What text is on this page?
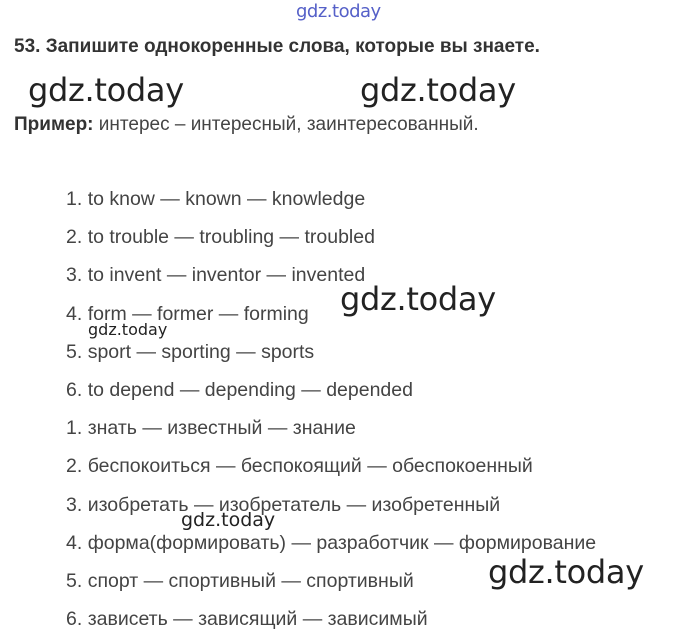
gdz.today
53. Запишите однокоренные слова, которые вы знаете.
gdz.today	gdz.today
Пример: интерес – интересный, заинтересованный.
1. to know — known — knowledge
2. to trouble — troubling — troubled
3. to invent — inventor — invented
4. form — former — forming
5. sport — sporting — sports
6. to depend — depending — depended
1. знать — известный — знание
2. беспокоиться — беспокоящий — обеспокоенный
3. изобретать — изобретатель — изобретенный
4. форма(формировать) — разработчик — формирование
5. спорт — спортивный — спортивный
6. зависеть — зависящий — зависимый
gdz.today
gdz.today
gdz.today
gdz.today
